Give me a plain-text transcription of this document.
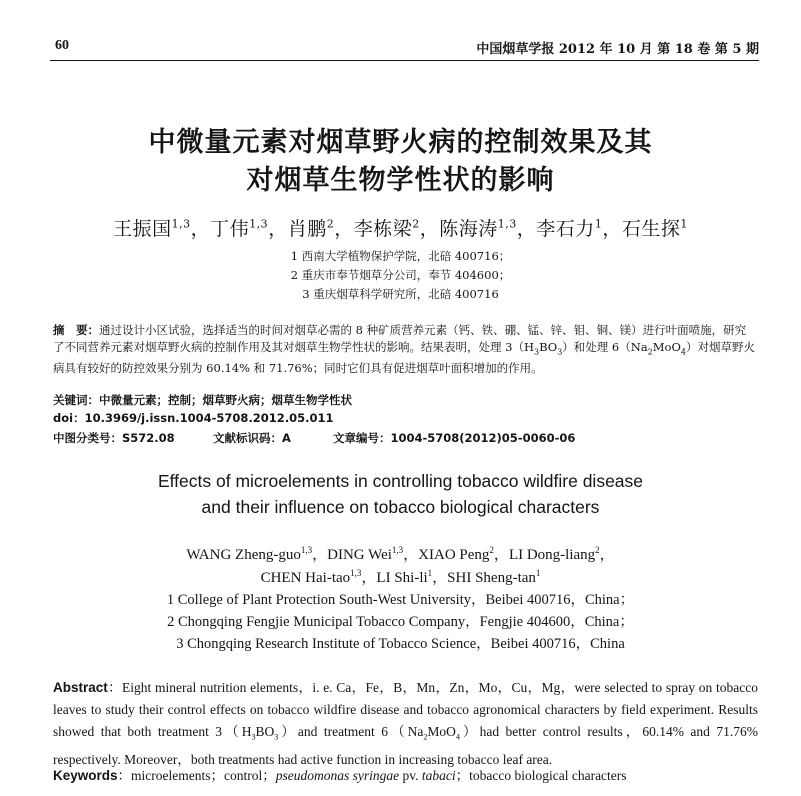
60	中国烟草学报 2012 年 10 月 第 18 卷 第 5 期
中微量元素对烟草野火病的控制效果及其
对烟草生物学性状的影响
王振国$^{1,3}$，丁伟$^{1,3}$，肖鹏$^2$，李栋梁$^2$，陈海涛$^{1,3}$，李石力$^1$，石生探$^1$
1 西南大学植物保护学院，北碚 400716；
2 重庆市奉节烟草分公司，奉节 404600；
3 重庆烟草科学研究所，北碚 400716
摘　要：通过设计小区试验，选择适当的时间对烟草必需的 8 种矿质营养元素（钙、铁、硼、锰、锌、钼、铜、镁）进行叶面喷施，研究了不同营养元素对烟草野火病的控制作用及其对烟草生物学性状的影响。结果表明，处理 $3(H_3BO_3)$和处理 $6(Na_2MoO_4)$对烟草野火病具有较好的防控效果分别为 60.14% 和 71.76%；同时它们具有促进烟草叶面积增加的作用。
关键词：中微量元素；控制；烟草野火病；烟草生物学性状
doi：10.3969/j.issn.1004-5708.2012.05.011
中图分类号：S572.08	文献标识码：A	文章编号：1004-5708(2012)05-0060-06
Effects of microelements in controlling tobacco wildfire disease
and their influence on tobacco biological characters
WANG Zheng-guo$^{1,3}$，DING Wei$^{1,3}$，XIAO Peng$^2$，LI Dong-liang$^2$，
CHEN Hai-tao$^{1,3}$，LI Shi-$li^1$，SHI Sheng-$\tan^1$
1 College of Plant Protection South-West University，Beibei 400716，China；
2 Chongqing Fengjie Municipal Tobacco Company，Fengjie 404600，China；
3 Chongqing Research Institute of Tobacco Science，Beibei 400716，China
Abstract：Eight mineral nutrition elements，i. e. Ca，Fe，B，Mn，Zn，Mo，Cu，Mg，were selected to spray on tobacco leaves to study their control effects on tobacco wildfire disease and tobacco agronomical characters by field experiment. Results showed that both treatment $3(H_3BO_3)and$ treatment $6(Na_2MoO_4)had$ better control results，60.14% and 71.76% respectively. Moreover，both treatments had active function in increasing tobacco leaf area.
Keywords：microelements；control；pseudomonas syringae pv. tabaci；tobacco biological characters
